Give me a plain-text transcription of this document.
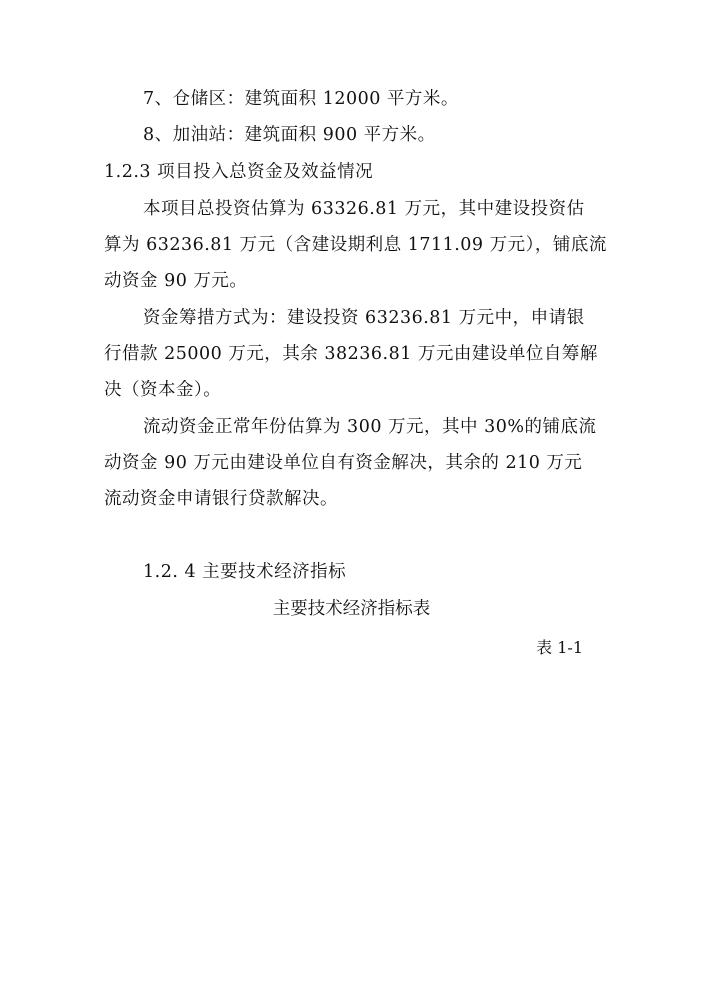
7、仓储区：建筑面积 12000 平方米。
8、加油站：建筑面积 900 平方米。
1.2.3 项目投入总资金及效益情况
本项目总投资估算为 63326.81 万元，其中建设投资估
算为 63236.81 万元（含建设期利息 1711.09 万元），铺底流
动资金 90 万元。
资金筹措方式为：建设投资 63236.81 万元中，申请银
行借款 25000 万元，其余 38236.81 万元由建设单位自筹解
决（资本金）。
流动资金正常年份估算为 300 万元，其中 30%的铺底流
动资金 90 万元由建设单位自有资金解决，其余的 210 万元
流动资金申请银行贷款解决。
1.2. 4 主要技术经济指标
主要技术经济指标表
表 1-1
